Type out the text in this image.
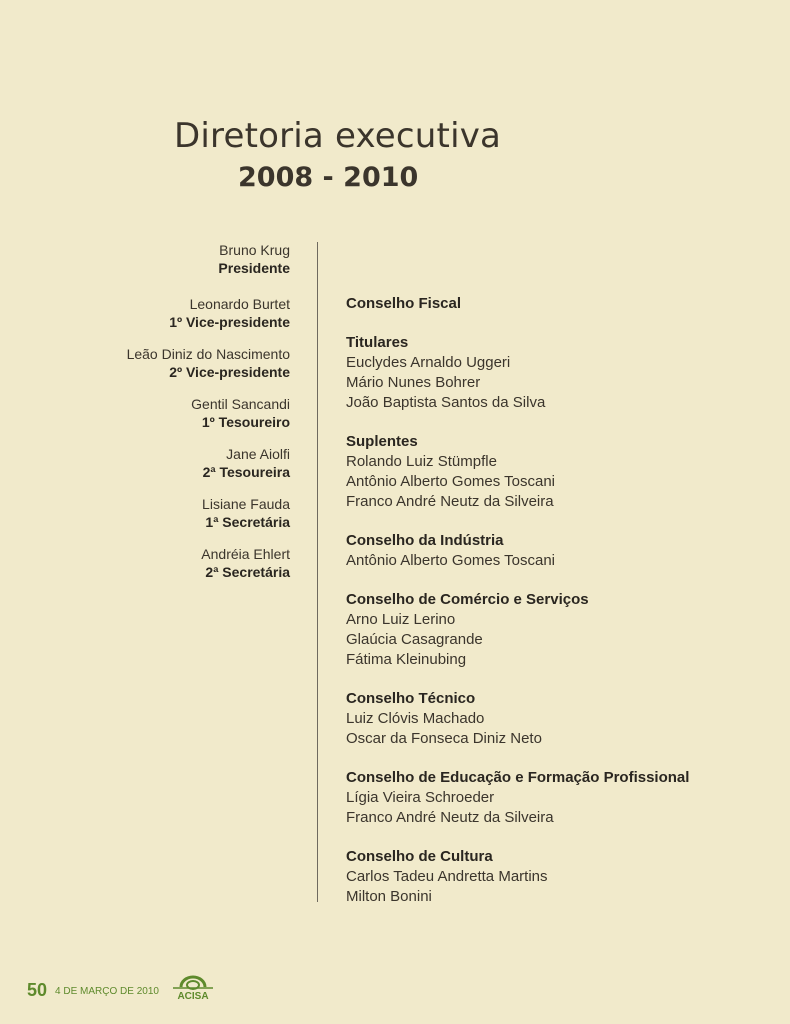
Diretoria executiva
2008 - 2010
Bruno Krug
Presidente
Leonardo Burtet
1º Vice-presidente
Leão Diniz do Nascimento
2º Vice-presidente
Gentil Sancandi
1º Tesoureiro
Jane Aiolfi
2ª Tesoureira
Lisiane Fauda
1ª Secretária
Andréia Ehlert
2ª Secretária
Conselho Fiscal
Titulares
Euclydes Arnaldo Uggeri
Mário Nunes Bohrer
João Baptista Santos da Silva
Suplentes
Rolando Luiz Stümpfle
Antônio Alberto Gomes Toscani
Franco André Neutz da Silveira
Conselho da Indústria
Antônio Alberto Gomes Toscani
Conselho de Comércio e Serviços
Arno Luiz Lerino
Glaúcia Casagrande
Fátima Kleinubing
Conselho Técnico
Luiz Clóvis Machado
Oscar da Fonseca Diniz Neto
Conselho de Educação e Formação Profissional
Lígia Vieira Schroeder
Franco André Neutz da Silveira
Conselho de Cultura
Carlos Tadeu Andretta Martins
Milton Bonini
50 4 DE MARÇO DE 2010 ACISA
